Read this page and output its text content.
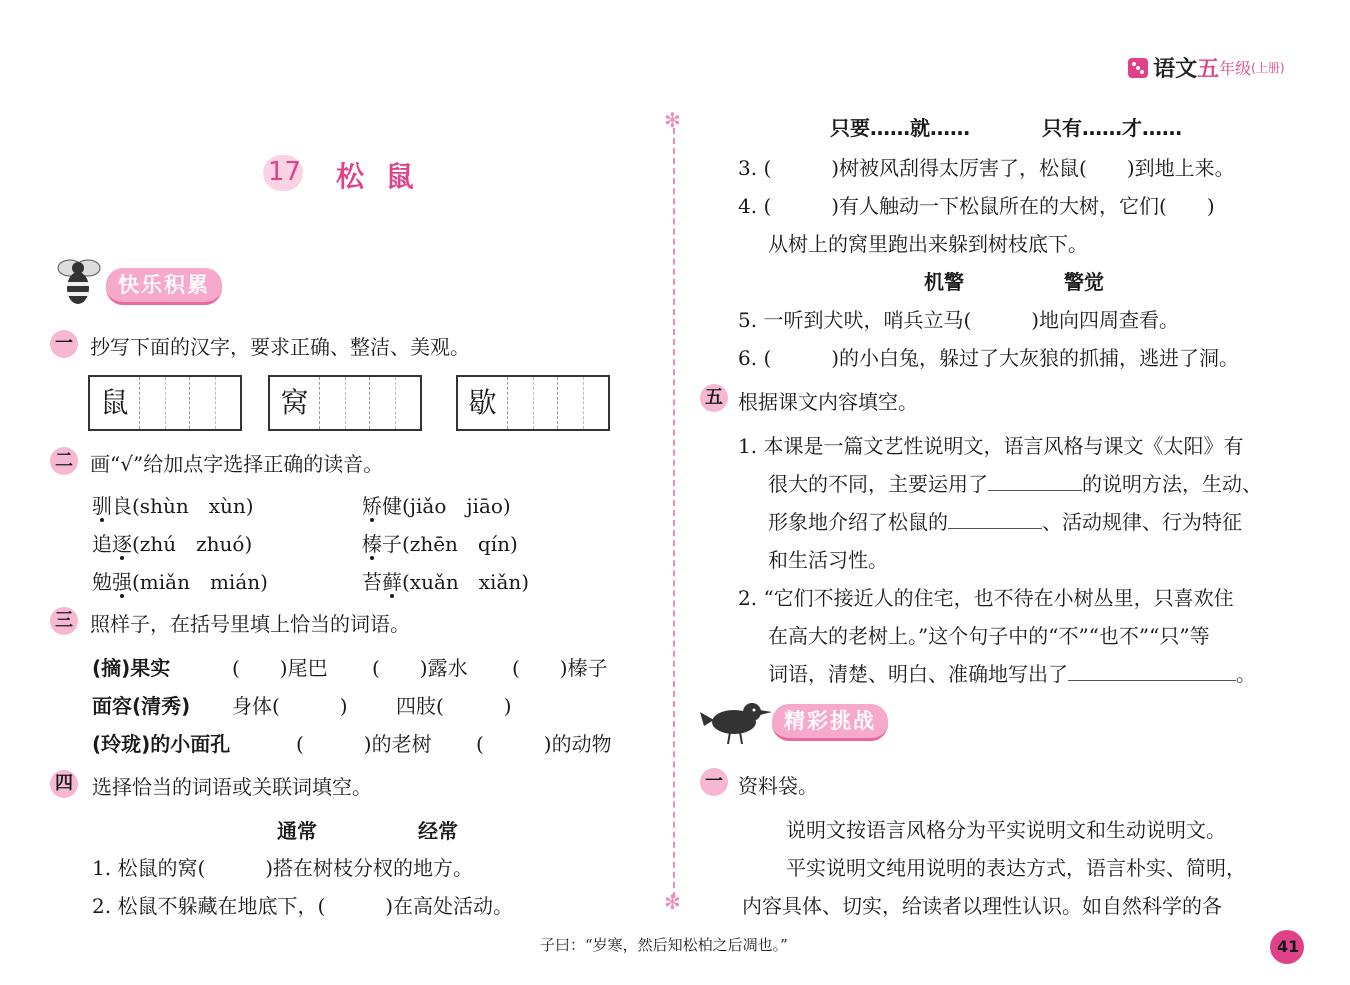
语文五年级(上册)
✻
✻
17 松 鼠
快乐积累
一 抄写下面的汉字，要求正确、整洁、美观。
鼠	窝	歇
二 画“√”给加点字选择正确的读音。
驯良(shùn　xùn)	矫健(jiǎo　jiāo)
追逐(zhú　zhuó)	榛子(zhēn　qín)
勉强(miǎn　mián)	苔藓(xuǎn　xiǎn)
三 照样子，在括号里填上恰当的词语。
(摘)果实	(　　)尾巴 (　　)露水 (　　)榛子
面容(清秀) 身体(　　　) 四肢(　　　)
(玲珑)的小面孔	(　　　)的老树 (　　　)的动物
四 选择恰当的词语或关联词填空。
通常	经常
1. 松鼠的窝(　　　)搭在树枝分杈的地方。
2. 松鼠不躲藏在地底下，(　　　)在高处活动。
只要……就……	只有……才……
3. (　　　)树被风刮得太厉害了，松鼠(　　)到地上来。
4. (　　　)有人触动一下松鼠所在的大树，它们(　　)
从树上的窝里跑出来躲到树枝底下。
机警	警觉
5. 一听到犬吠，哨兵立马(　　　)地向四周查看。
6. (　　　)的小白兔，躲过了大灰狼的抓捕，逃进了洞。
五 根据课文内容填空。
1. 本课是一篇文艺性说明文，语言风格与课文《太阳》有
很大的不同，主要运用了	的说明方法，生动、
形象地介绍了松鼠的	、活动规律、行为特征
和生活习性。
2. “它们不接近人的住宅，也不待在小树丛里，只喜欢住
在高大的老树上。”这个句子中的“不”“也不”“只”等
词语，清楚、明白、准确地写出了	。
精彩挑战
一 资料袋。
说明文按语言风格分为平实说明文和生动说明文。
平实说明文纯用说明的表达方式，语言朴实、简明，
内容具体、切实，给读者以理性认识。如自然科学的各
子曰：“岁寒，然后知松柏之后凋也。”	41
